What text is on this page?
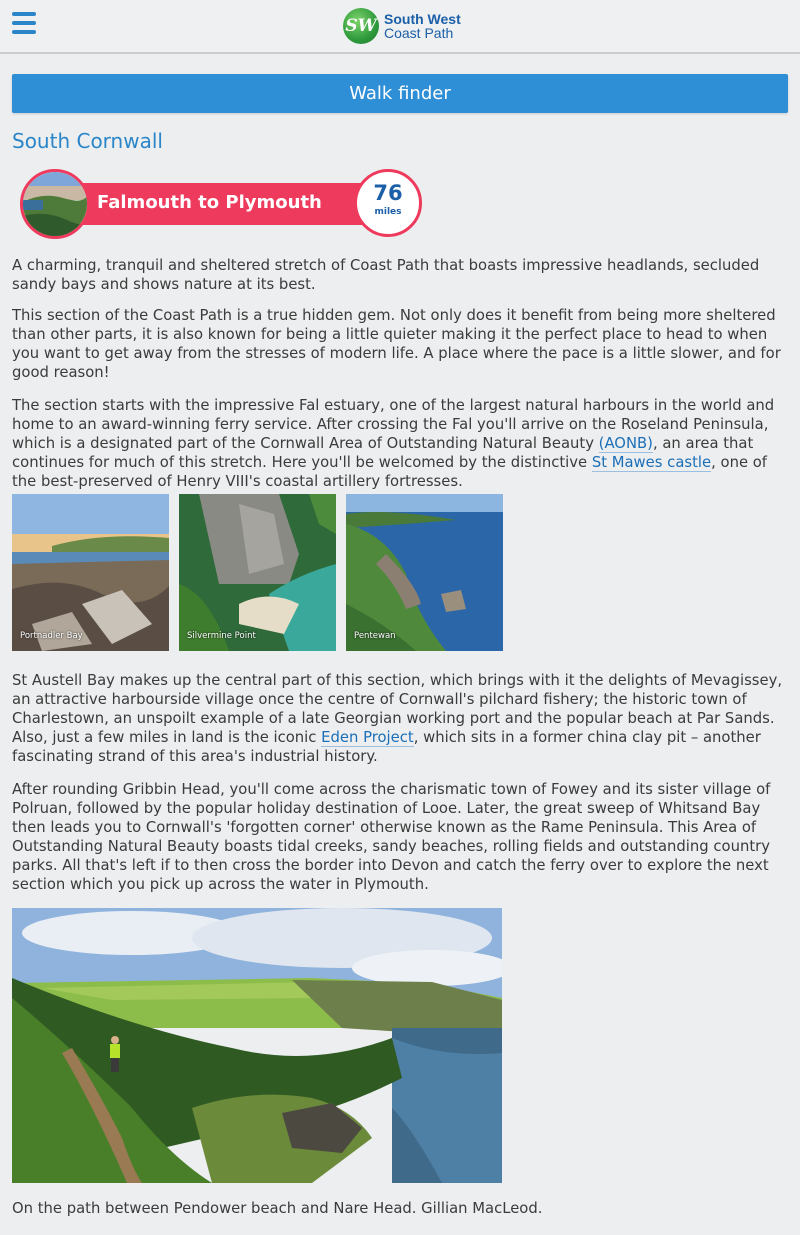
SW South West
Coast Path
Walk finder
South Cornwall
Falmouth to Plymouth	76
miles

A charming, tranquil and sheltered stretch of Coast Path that boasts impressive headlands, secluded sandy bays and shows nature at its best.

This section of the Coast Path is a true hidden gem. Not only does it benefit from being more sheltered than other parts, it is also known for being a little quieter making it the perfect place to head to when you want to get away from the stresses of modern life. A place where the pace is a little slower, and for good reason!

The section starts with the impressive Fal estuary, one of the largest natural harbours in the world and home to an award-winning ferry service. After crossing the Fal you'll arrive on the Roseland Peninsula, which is a designated part of the Cornwall Area of Outstanding Natural Beauty (AONB), an area that continues for much of this stretch. Here you'll be welcomed by the distinctive St Mawes castle, one of the best-preserved of Henry VIII's coastal artillery fortresses.

Portnadler Bay	Silvermine Point	Pentewan

St Austell Bay makes up the central part of this section, which brings with it the delights of Mevagissey, an attractive harbourside village once the centre of Cornwall's pilchard fishery; the historic town of Charlestown, an unspoilt example of a late Georgian working port and the popular beach at Par Sands. Also, just a few miles in land is the iconic Eden Project, which sits in a former china clay pit – another fascinating strand of this area's industrial history.

After rounding Gribbin Head, you'll come across the charismatic town of Fowey and its sister village of Polruan, followed by the popular holiday destination of Looe. Later, the great sweep of Whitsand Bay then leads you to Cornwall's 'forgotten corner' otherwise known as the Rame Peninsula. This Area of Outstanding Natural Beauty boasts tidal creeks, sandy beaches, rolling fields and outstanding country parks. All that's left if to then cross the border into Devon and catch the ferry over to explore the next section which you pick up across the water in Plymouth.

On the path between Pendower beach and Nare Head. Gillian MacLeod.
